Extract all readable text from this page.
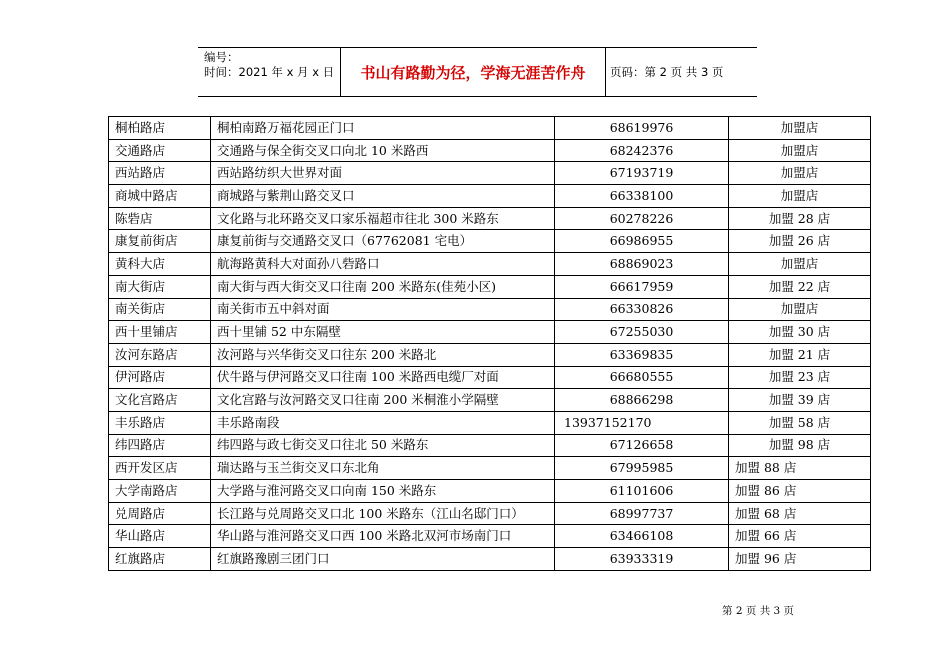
编号：
时间：2021 年 x 月 x 日	书山有路勤为径，学海无涯苦作舟	页码：第 2 页 共 3 页
桐柏路店	桐柏南路万福花园正门口	68619976	加盟店
交通路店	交通路与保全街交叉口向北 10 米路西	68242376	加盟店
西站路店	西站路纺织大世界对面	67193719	加盟店
商城中路店	商城路与紫荆山路交叉口	66338100	加盟店
陈砦店	文化路与北环路交叉口家乐福超市往北 300 米路东	60278226	加盟 28 店
康复前街店	康复前街与交通路交叉口（67762081 宅电）	66986955	加盟 26 店
黄科大店	航海路黄科大对面孙八砦路口	68869023	加盟店
南大街店	南大街与西大街交叉口往南 200 米路东(佳苑小区)	66617959	加盟 22 店
南关街店	南关街市五中斜对面	66330826	加盟店
西十里铺店	西十里铺 52 中东隔壁	67255030	加盟 30 店
汝河东路店	汝河路与兴华街交叉口往东 200 米路北	63369835	加盟 21 店
伊河路店	伏牛路与伊河路交叉口往南 100 米路西电缆厂对面	66680555	加盟 23 店
文化宫路店	文化宫路与汝河路交叉口往南 200 米桐淮小学隔壁	68866298	加盟 39 店
丰乐路店	丰乐路南段	13937152170	加盟 58 店
纬四路店	纬四路与政七街交叉口往北 50 米路东	67126658	加盟 98 店
西开发区店	瑞达路与玉兰街交叉口东北角	67995985	加盟 88 店
大学南路店	大学路与淮河路交叉口向南 150 米路东	61101606	加盟 86 店
兑周路店	长江路与兑周路交叉口北 100 米路东（江山名邸门口）	68997737	加盟 68 店
华山路店	华山路与淮河路交叉口西 100 米路北双河市场南门口	63466108	加盟 66 店
红旗路店	红旗路豫剧三团门口	63933319	加盟 96 店
第 2 页 共 3 页
